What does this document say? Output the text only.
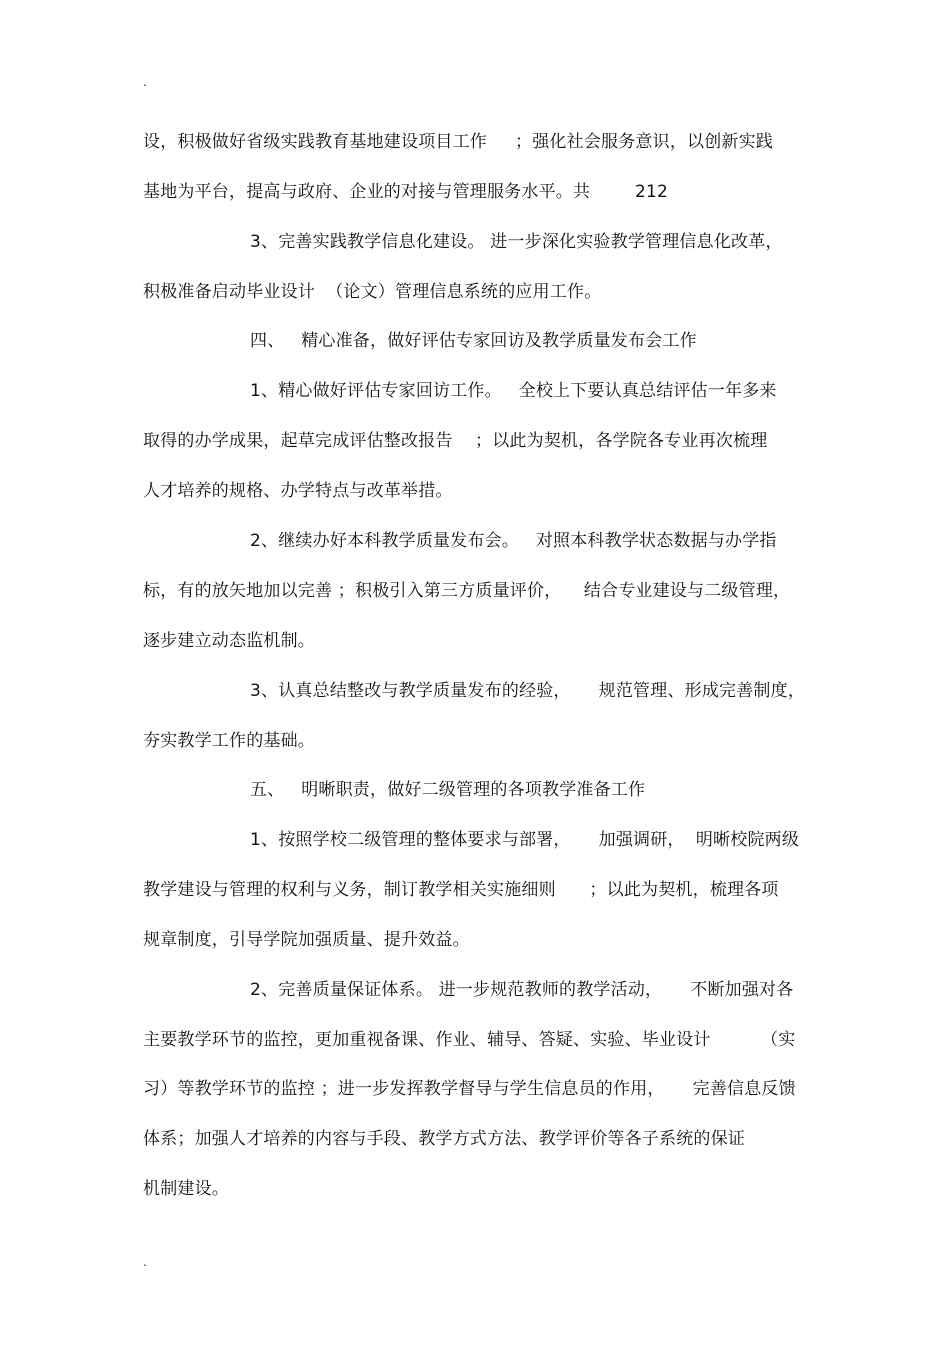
.
设，积极做好省级实践教育基地建设项目工作     ；强化社会服务意识，以创新实践
基地为平台，提高与政府、企业的对接与管理服务水平。共        212
3、完善实践教学信息化建设。 进一步深化实验教学管理信息化改革，
积极准备启动毕业设计  （论文）管理信息系统的应用工作。
四、   精心准备，做好评估专家回访及教学质量发布会工作
1、精心做好评估专家回访工作。   全校上下要认真总结评估一年多来
取得的办学成果，起草完成评估整改报告    ；以此为契机，各学院各专业再次梳理
人才培养的规格、办学特点与改革举措。
2、继续办好本科教学质量发布会。   对照本科教学状态数据与办学指
标，有的放矢地加以完善 ；积极引入第三方质量评价，    结合专业建设与二级管理，
逐步建立动态监机制。
3、认真总结整改与教学质量发布的经验，     规范管理、形成完善制度，
夯实教学工作的基础。
五、   明晰职责，做好二级管理的各项教学准备工作
1、按照学校二级管理的整体要求与部署，     加强调研，  明晰校院两级
教学建设与管理的权利与义务，制订教学相关实施细则      ；以此为契机，梳理各项
规章制度，引导学院加强质量、提升效益。
2、完善质量保证体系。 进一步规范教师的教学活动，     不断加强对各
主要教学环节的监控，更加重视备课、作业、辅导、答疑、实验、毕业设计         （实
习）等教学环节的监控 ；进一步发挥教学督导与学生信息员的作用，     完善信息反馈
体系；加强人才培养的内容与手段、教学方式方法、教学评价等各子系统的保证
机制建设。
.
